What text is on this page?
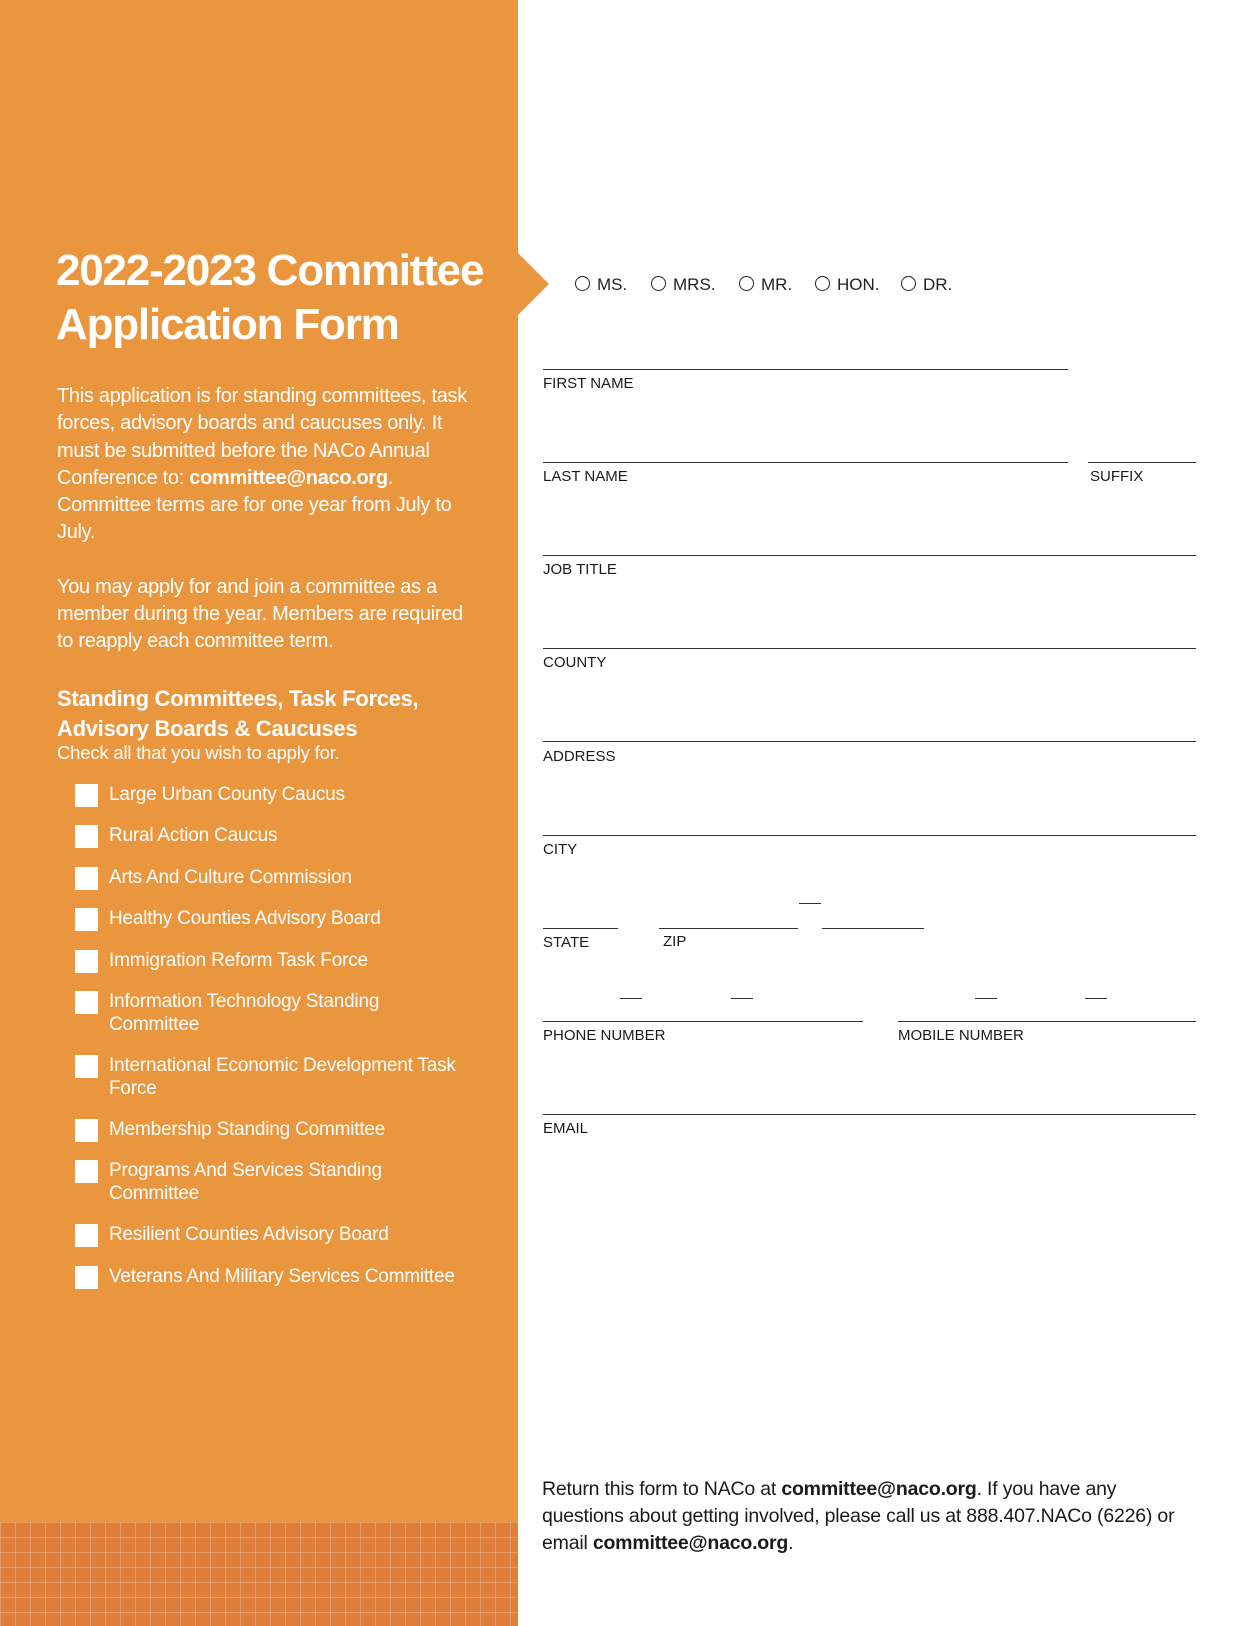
2022-2023 Committee
Application Form

This application is for standing committees, task forces, advisory boards and caucuses only. It must be submitted before the NACo Annual Conference to: committee@naco.org. Committee terms are for one year from July to July.

You may apply for and join a committee as a member during the year. Members are required to reapply each committee term.

Standing Committees, Task Forces,
Advisory Boards & Caucuses
Check all that you wish to apply for.
Large Urban County Caucus
Rural Action Caucus
Arts And Culture Commission
Healthy Counties Advisory Board
Immigration Reform Task Force
Information Technology Standing Committee
International Economic Development Task Force
Membership Standing Committee
Programs And Services Standing Committee
Resilient Counties Advisory Board
Veterans And Military Services Committee
MS.	MRS.	MR.	HON.	DR.
FIRST NAME
LAST NAME	SUFFIX
JOB TITLE
COUNTY
ADDRESS
CITY
STATE	ZIP
PHONE NUMBER	MOBILE NUMBER
EMAIL
Return this form to NACo at committee@naco.org. If you have any questions about getting involved, please call us at 888.407.NACo (6226) or email committee@naco.org.
